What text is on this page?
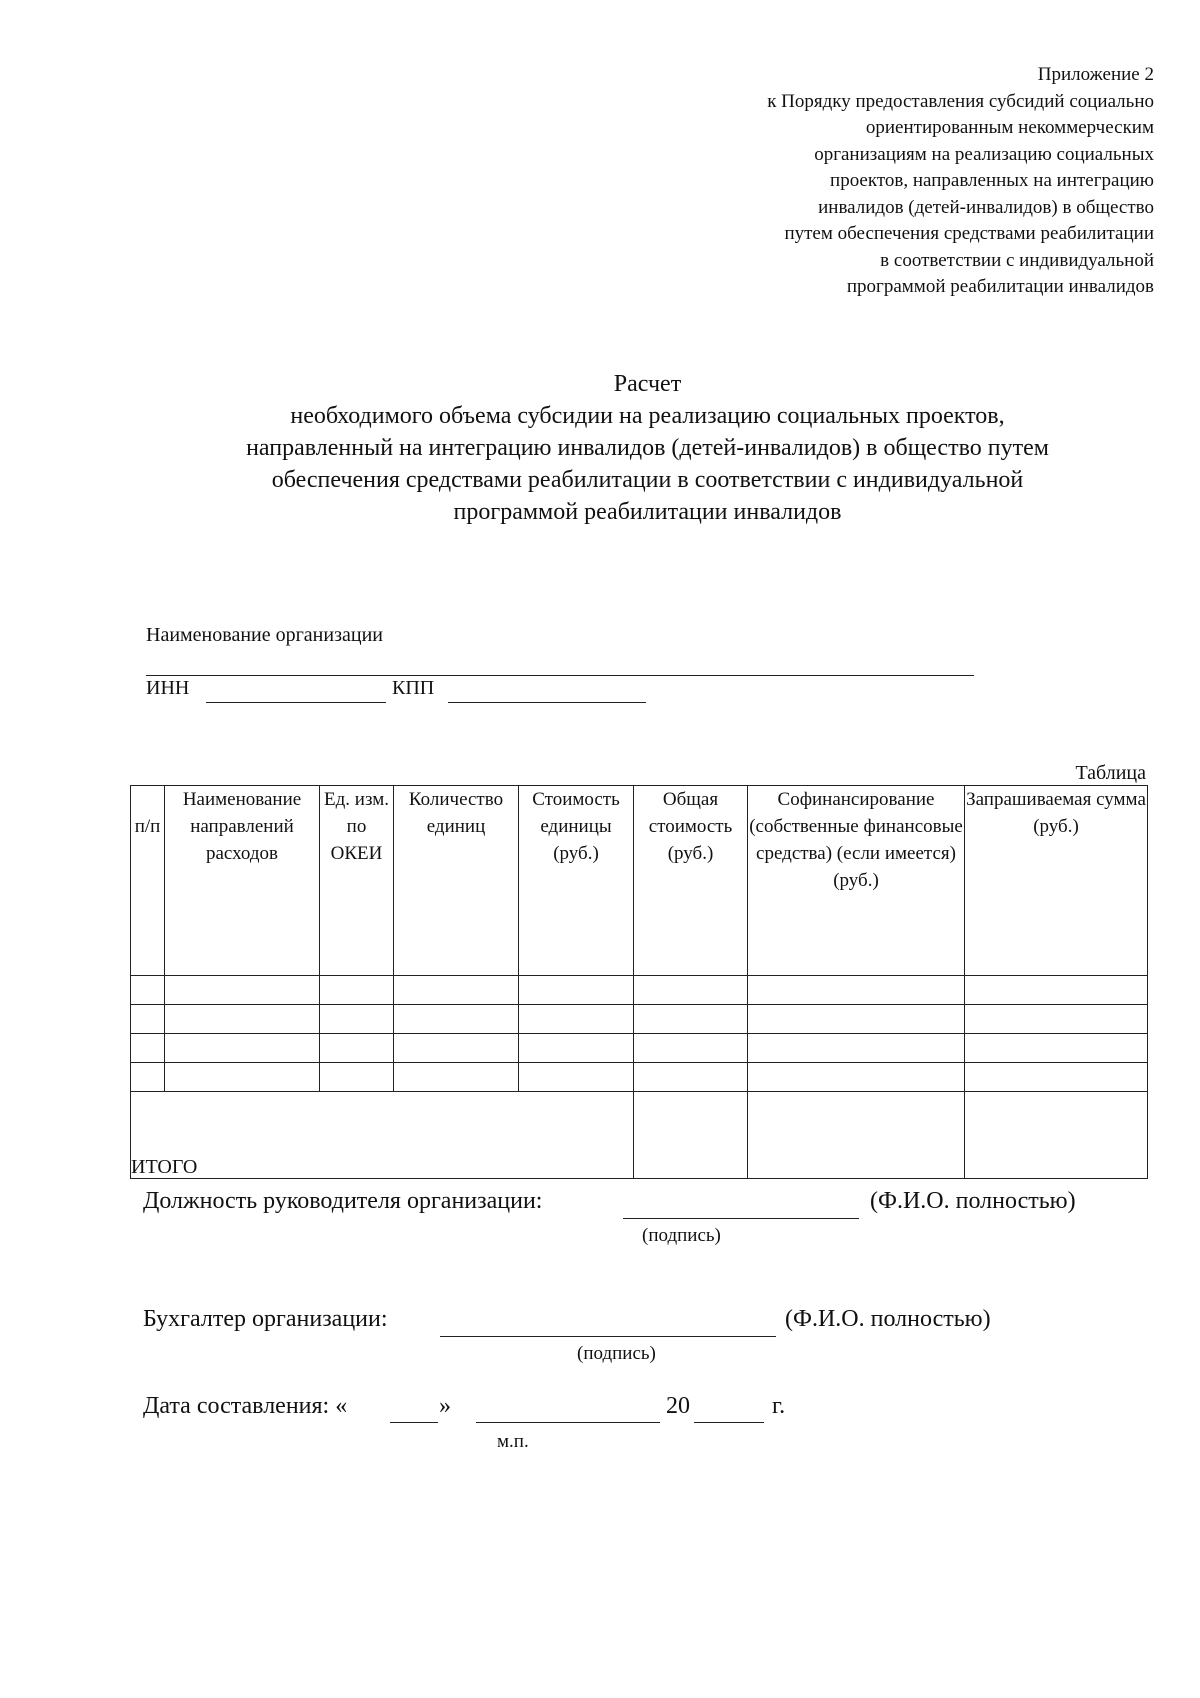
Приложение 2
к Порядку предоставления субсидий социально
ориентированным некоммерческим
организациям на реализацию социальных
проектов, направленных на интеграцию
инвалидов (детей-инвалидов) в общество
путем обеспечения средствами реабилитации
в соответствии с индивидуальной
программой реабилитации инвалидов
Расчет
необходимого объема субсидии на реализацию социальных проектов,
направленный на интеграцию инвалидов (детей-инвалидов) в общество путем
обеспечения средствами реабилитации в соответствии с индивидуальной
программой реабилитации инвалидов
Наименование организации
ИНН	КПП
Таблица
п/п	Наименование направлений расходов	Ед. изм. по ОКЕИ	Количество единиц	Стоимость единицы (руб.)	Общая стоимость (руб.)	Софинансирование (собственные финансовые средства) (если имеется) (руб.)	Запрашиваемая сумма (руб.)

ИТОГО							
Должность руководителя организации:	(Ф.И.О. полностью)
(подпись)
Бухгалтер организации:	(Ф.И.О. полностью)
(подпись)
Дата составления: «	»	20	г.
м.п.
